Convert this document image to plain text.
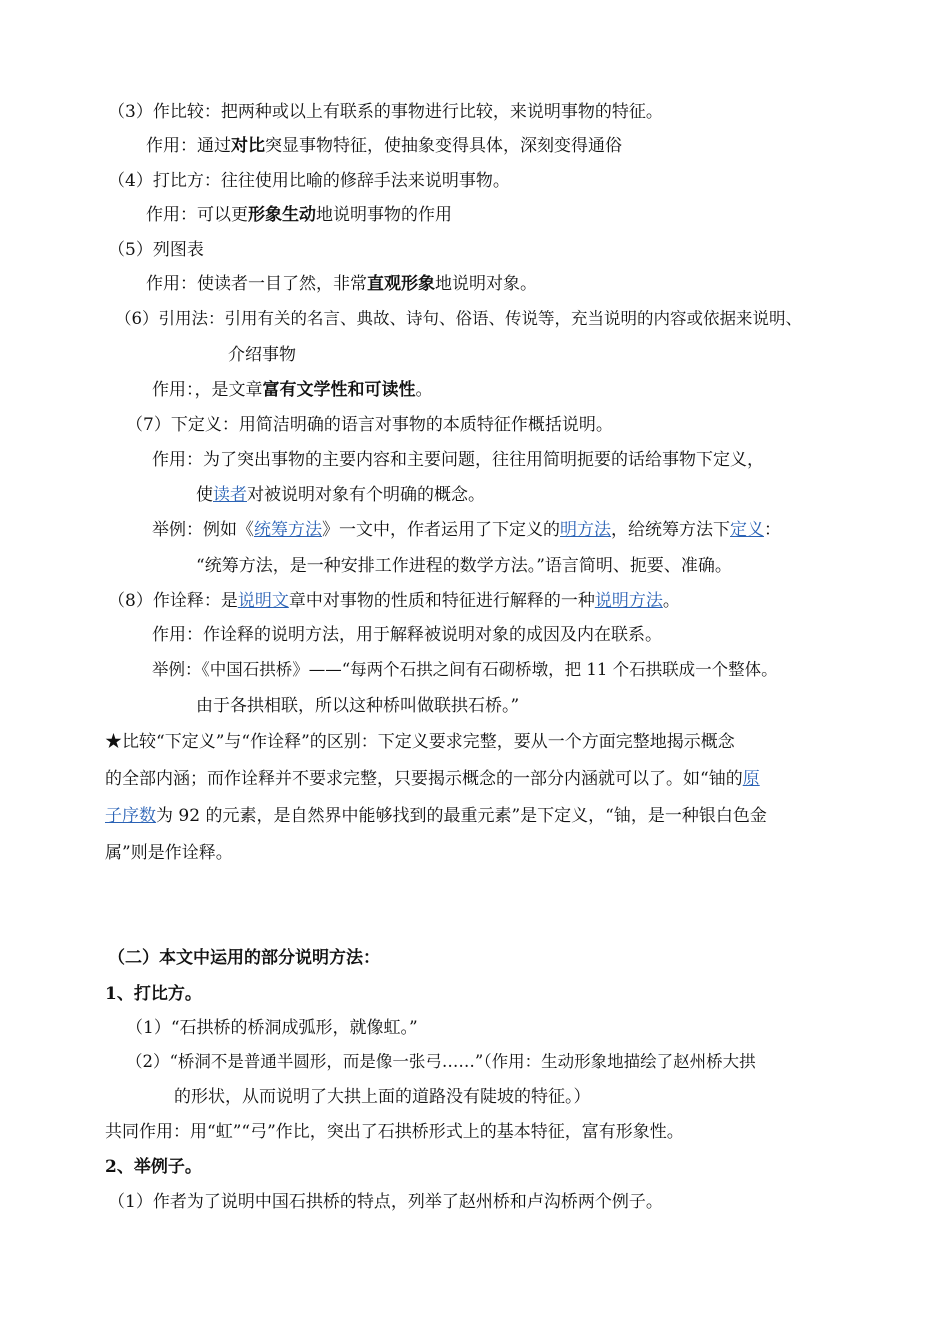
（3）作比较：把两种或以上有联系的事物进行比较，来说明事物的特征。
作用：通过对比突显事物特征，使抽象变得具体，深刻变得通俗
（4）打比方：往往使用比喻的修辞手法来说明事物。
作用：可以更形象生动地说明事物的作用
（5）列图表
作用：使读者一目了然，非常直观形象地说明对象。
（6）引用法：引用有关的名言、典故、诗句、俗语、传说等，充当说明的内容或依据来说明、
介绍事物
作用：，是文章富有文学性和可读性。
（7）下定义：用简洁明确的语言对事物的本质特征作概括说明。
作用：为了突出事物的主要内容和主要问题，往往用简明扼要的话给事物下定义，
使读者对被说明对象有个明确的概念。
举例：例如《统筹方法》一文中，作者运用了下定义的明方法，给统筹方法下定义：
“统筹方法，是一种安排工作进程的数学方法。”语言简明、扼要、准确。
（8）作诠释：是说明文章中对事物的性质和特征进行解释的一种说明方法。
作用：作诠释的说明方法，用于解释被说明对象的成因及内在联系。
举例：《中国石拱桥》——“每两个石拱之间有石砌桥墩，把 11 个石拱联成一个整体。
由于各拱相联，所以这种桥叫做联拱石桥。”
★比较“下定义”与“作诠释”的区别：下定义要求完整，要从一个方面完整地揭示概念
的全部内涵；而作诠释并不要求完整，只要揭示概念的一部分内涵就可以了。如“铀的原
子序数为 92 的元素，是自然界中能够找到的最重元素”是下定义，“铀，是一种银白色金
属”则是作诠释。
（二）本文中运用的部分说明方法：
1、打比方。
（1）“石拱桥的桥洞成弧形，就像虹。”
（2）“桥洞不是普通半圆形，而是像一张弓……”（作用：生动形象地描绘了赵州桥大拱
的形状，从而说明了大拱上面的道路没有陡坡的特征。）
共同作用：用“虹”“弓”作比，突出了石拱桥形式上的基本特征，富有形象性。
2、举例子。
（1）作者为了说明中国石拱桥的特点，列举了赵州桥和卢沟桥两个例子。
